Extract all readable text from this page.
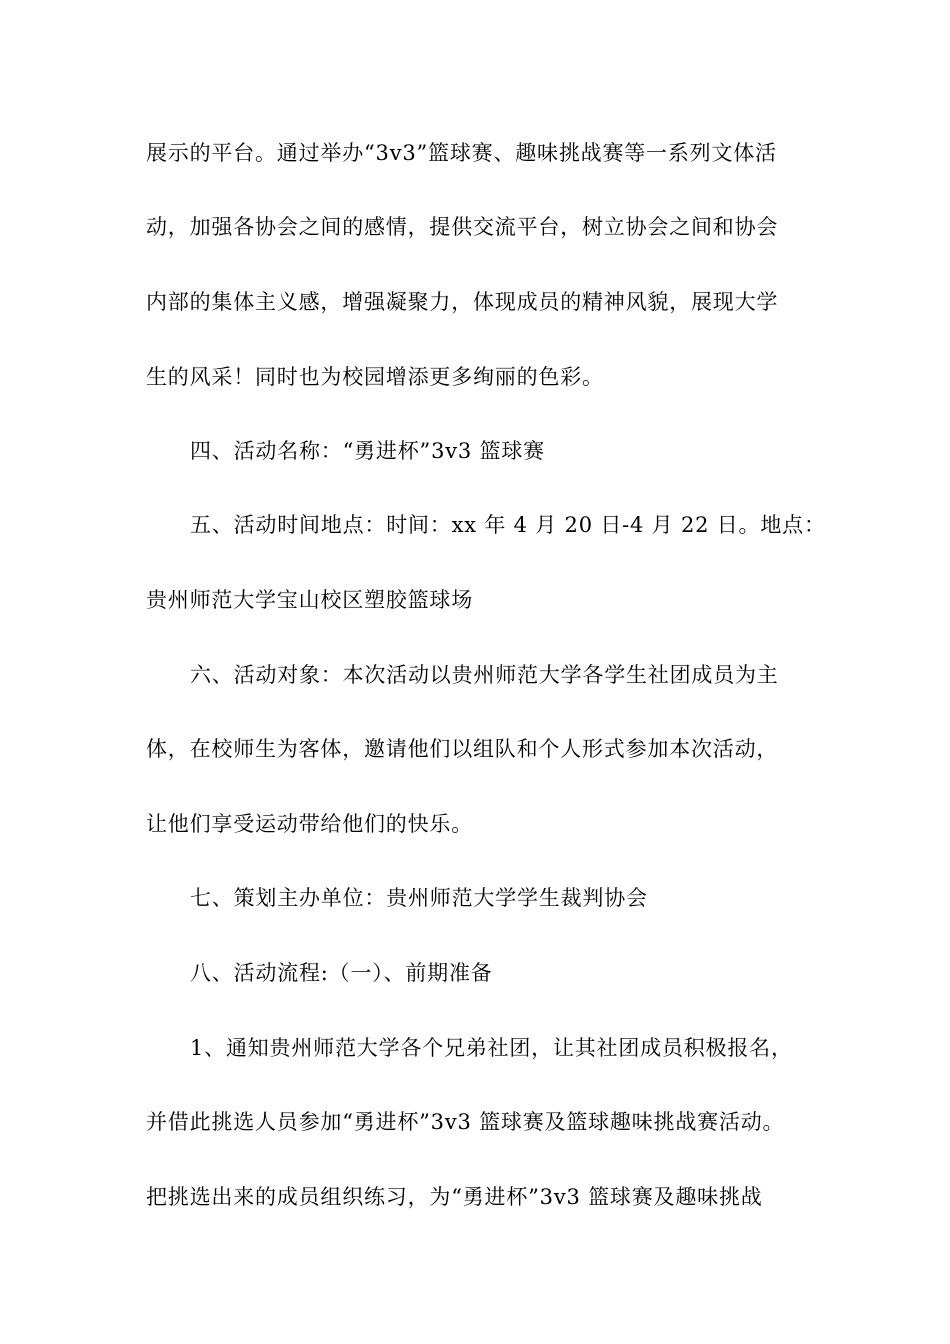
展示的平台。通过举办“3v3”篮球赛、趣味挑战赛等一系列文体活
动，加强各协会之间的感情，提供交流平台，树立协会之间和协会
内部的集体主义感，增强凝聚力，体现成员的精神风貌，展现大学
生的风采！同时也为校园增添更多绚丽的色彩。
四、活动名称：“勇进杯”3v3 篮球赛
五、活动时间地点：时间：xx 年 4 月 20 日-4 月 22 日。地点：
贵州师范大学宝山校区塑胶篮球场
六、活动对象：本次活动以贵州师范大学各学生社团成员为主
体，在校师生为客体，邀请他们以组队和个人形式参加本次活动，
让他们享受运动带给他们的快乐。
七、策划主办单位：贵州师范大学学生裁判协会
八、活动流程:（一）、前期准备
1、通知贵州师范大学各个兄弟社团，让其社团成员积极报名，
并借此挑选人员参加“勇进杯”3v3 篮球赛及篮球趣味挑战赛活动。
把挑选出来的成员组织练习，为“勇进杯”3v3 篮球赛及趣味挑战
